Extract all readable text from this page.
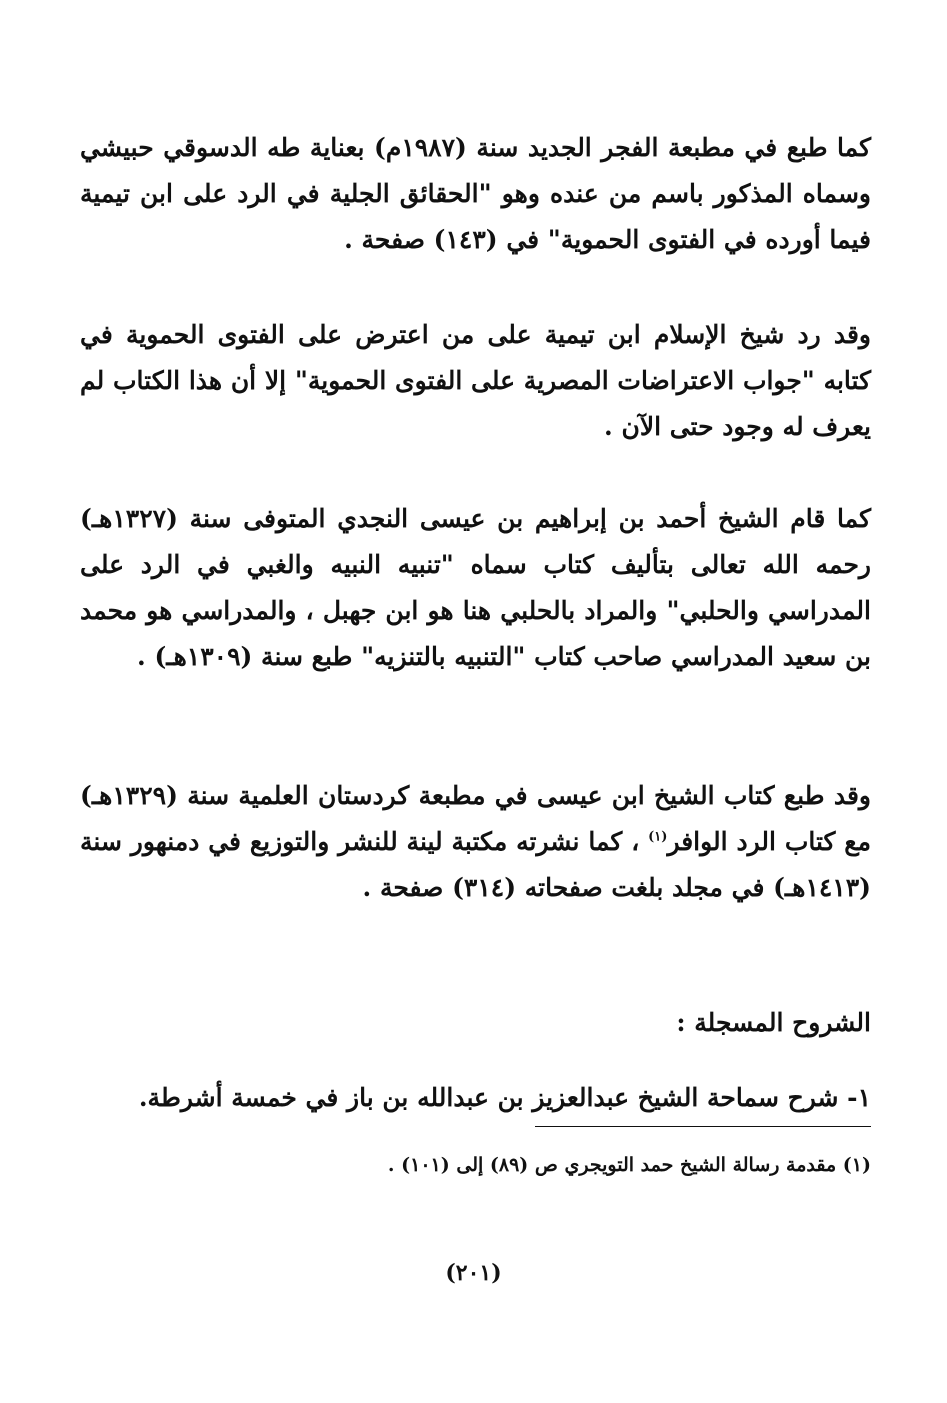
كما طبع في مطبعة الفجر الجديد سنة (١٩٨٧م) بعناية طه الدسوقي حبيشي وسماه المذكور باسم من عنده وهو "الحقائق الجلية في الرد على ابن تيمية فيما أورده في الفتوى الحموية" في (١٤٣) صفحة .

وقد رد شيخ الإسلام ابن تيمية على من اعترض على الفتوى الحموية في كتابه "جواب الاعتراضات المصرية على الفتوى الحموية" إلا أن هذا الكتاب لم يعرف له وجود حتى الآن .

كما قام الشيخ أحمد بن إبراهيم بن عيسى النجدي المتوفى سنة (١٣٢٧هـ) رحمه الله تعالى بتأليف كتاب سماه "تنبيه النبيه والغبي في الرد على المدراسي والحلبي" والمراد بالحلبي هنا هو ابن جهبل ، والمدراسي هو محمد بن سعيد المدراسي صاحب كتاب "التنبيه بالتنزيه" طبع سنة (١٣٠٩هـ) .

وقد طبع كتاب الشيخ ابن عيسى في مطبعة كردستان العلمية سنة (١٣٢٩هـ) مع كتاب الرد الوافر$^{(١)}$ ، كما نشرته مكتبة لينة للنشر والتوزيع في دمنهور سنة (١٤١٣هـ) في مجلد بلغت صفحاته (٣١٤) صفحة .

الشروح المسجلة :

١- شرح سماحة الشيخ عبدالعزيز بن عبدالله بن باز في خمسة أشرطة.

(١) مقدمة رسالة الشيخ حمد التويجري ص (٨٩) إلى (١٠١) .

(٢٠١)
